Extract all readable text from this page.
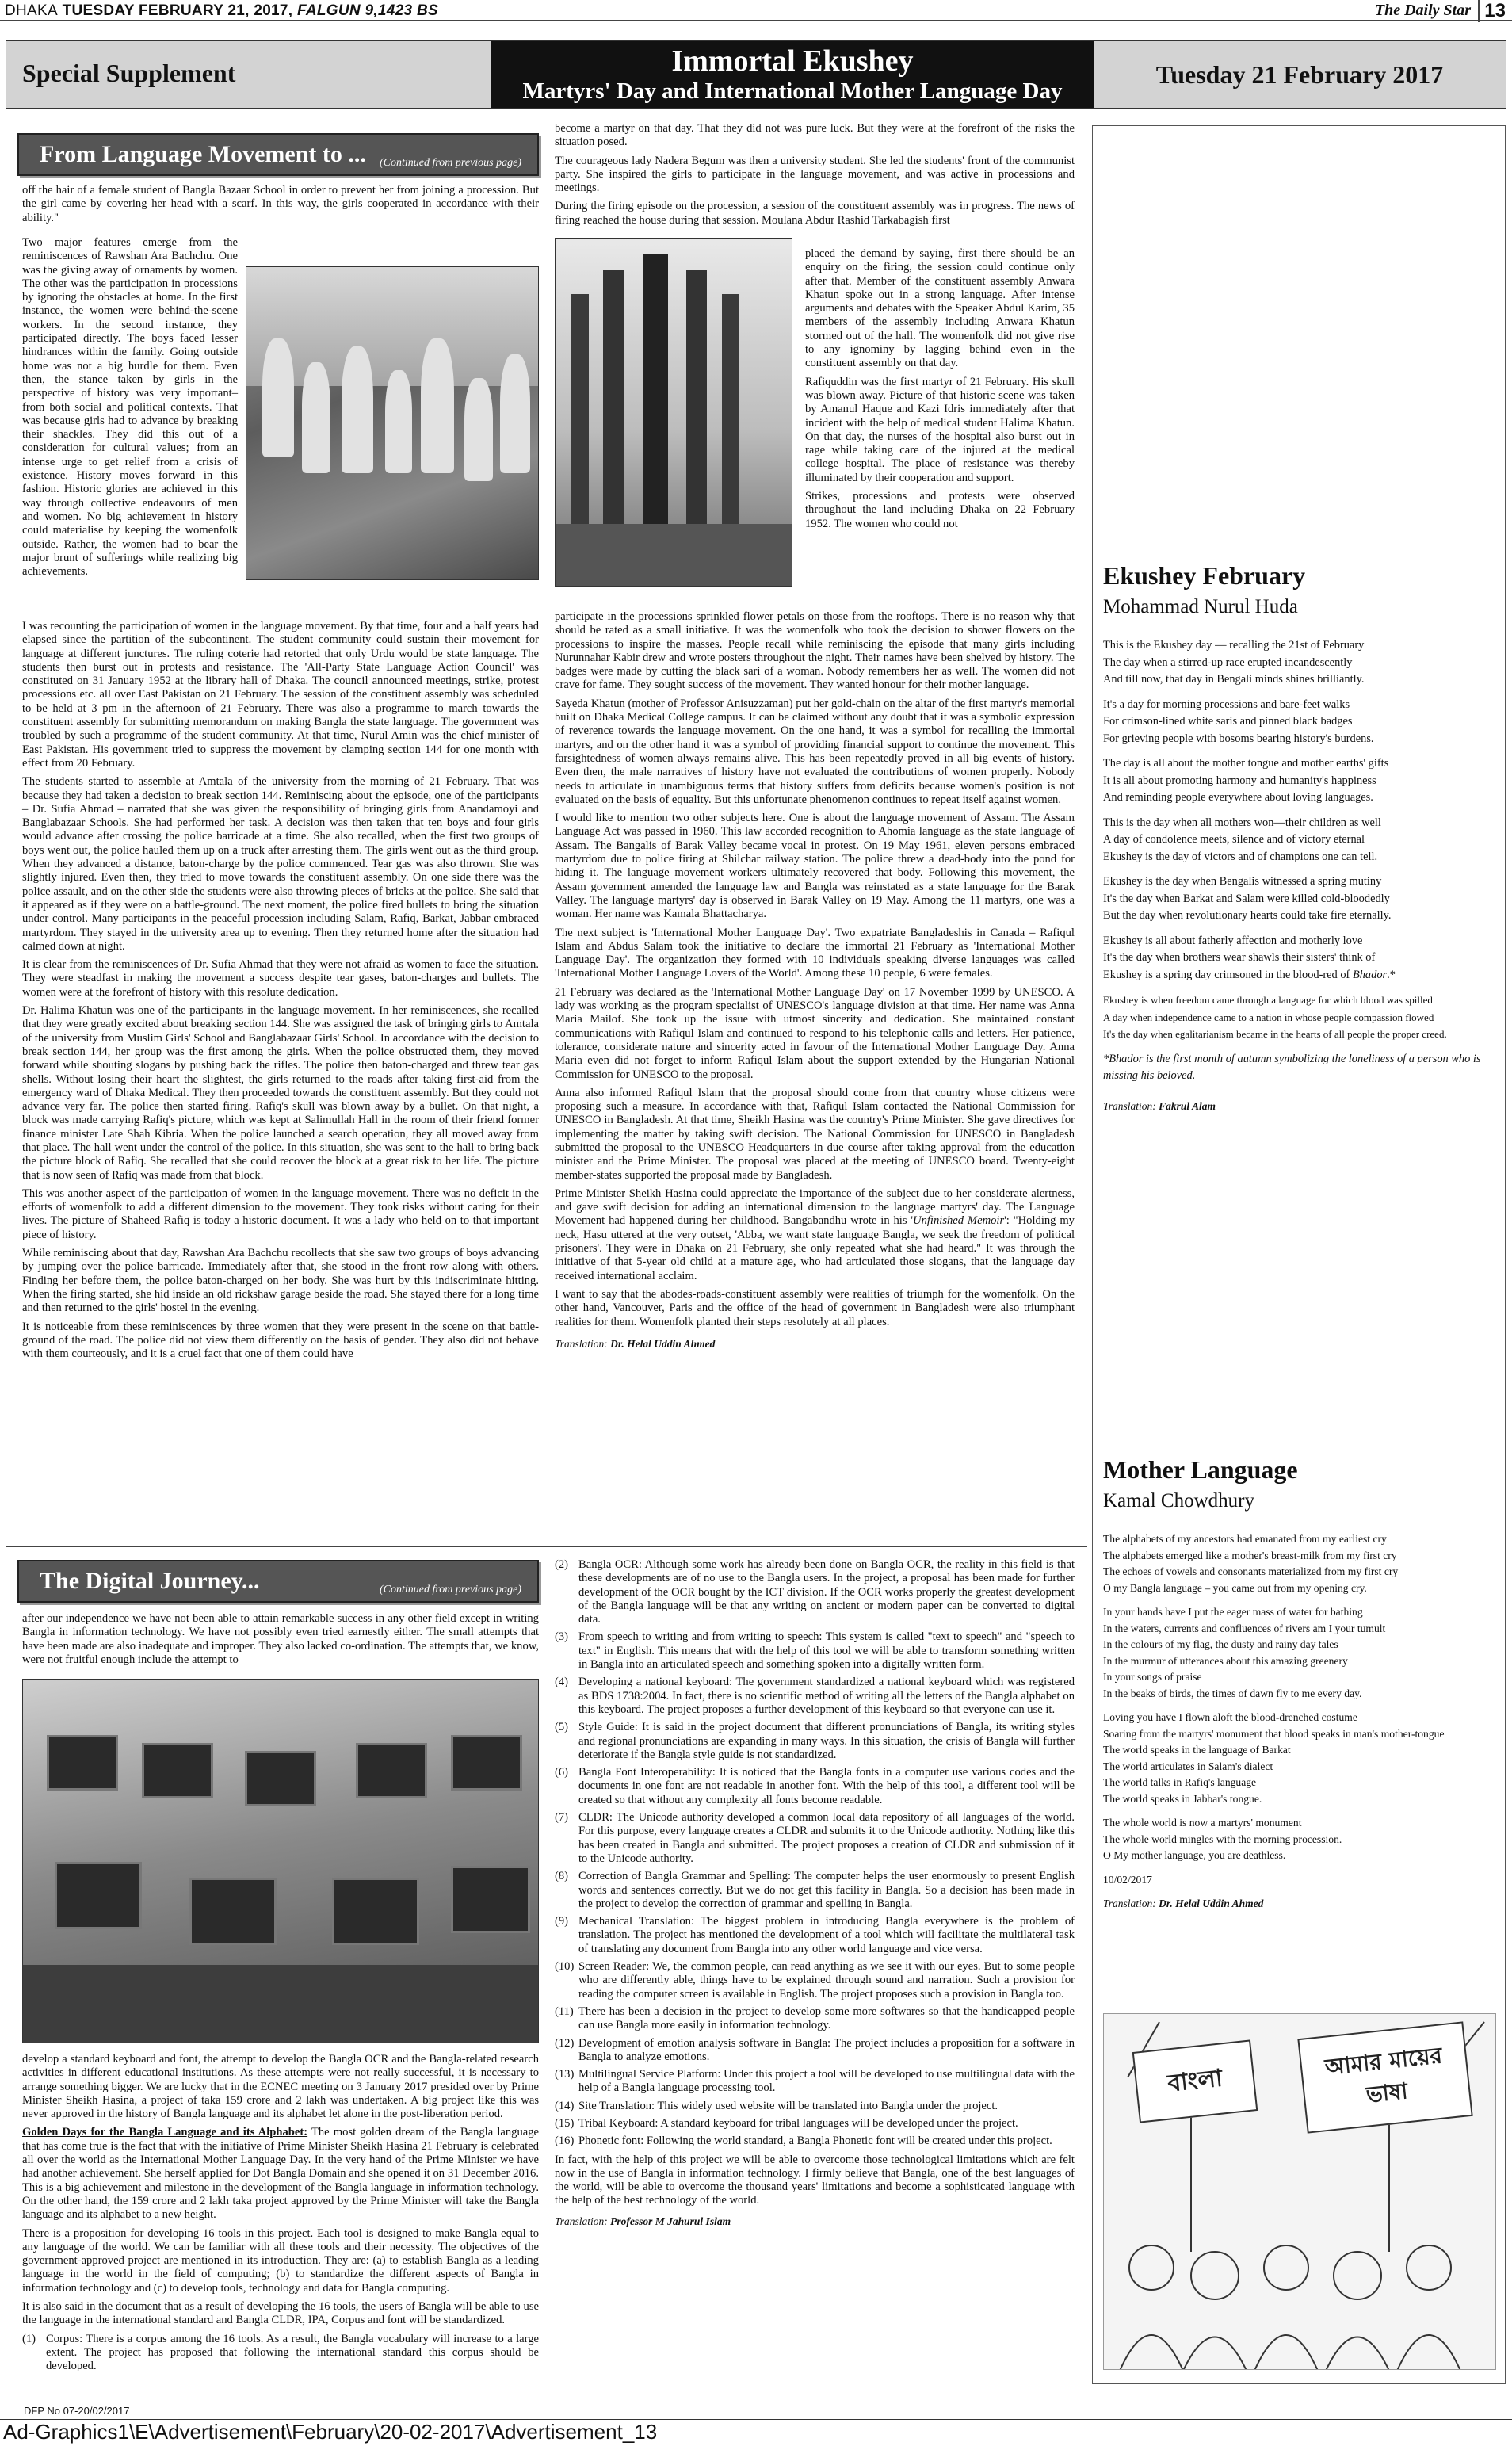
DHAKA TUESDAY FEBRUARY 21, 2017, FALGUN 9,1423 BS	The Daily Star 13
Special Supplement	Immortal Ekushey
Martyrs' Day and International Mother Language Day
Tuesday 21 February 2017
From Language Movement to ... (Continued from previous page)

off the hair of a female student of Bangla Bazaar School in order to prevent her from joining a procession. But the girl came by covering her head with a scarf. In this way, the girls cooperated in accordance with their ability."

Two major features emerge from the reminiscences of Rawshan Ara Bachchu. One was the giving away of ornaments by women. The other was the participation in processions by ignoring the obstacles at home. In the first instance, the women were behind-the-scene workers. In the second instance, they participated directly. The boys faced lesser hindrances within the family. Going outside home was not a big hurdle for them. Even then, the stance taken by girls in the perspective of history was very important–from both social and political contexts. That was because girls had to advance by breaking their shackles. They did this out of a consideration for cultural values; from an intense urge to get relief from a crisis of existence. History moves forward in this fashion. Historic glories are achieved in this way through collective endeavours of men and women. No big achievement in history could materialise by keeping the womenfolk outside. Rather, the women had to bear the major brunt of sufferings while realizing big achievements.

I was recounting the participation of women in the language movement. By that time, four and a half years had elapsed since the partition of the subcontinent. The student community could sustain their movement for language at different junctures. The ruling coterie had retorted that only Urdu would be state language. The students then burst out in protests and resistance. The 'All-Party State Language Action Council' was constituted on 31 January 1952 at the library hall of Dhaka. The council announced meetings, strike, protest processions etc. all over East Pakistan on 21 February. The session of the constituent assembly was scheduled to be held at 3 pm in the afternoon of 21 February. There was also a programme to march towards the constituent assembly for submitting memorandum on making Bangla the state language. The government was troubled by such a programme of the student community. At that time, Nurul Amin was the chief minister of East Pakistan. His government tried to suppress the movement by clamping section 144 for one month with effect from 20 February.

The students started to assemble at Amtala of the university from the morning of 21 February. That was because they had taken a decision to break section 144. Reminiscing about the episode, one of the participants – Dr. Sufia Ahmad – narrated that she was given the responsibility of bringing girls from Anandamoyi and Banglabazaar Schools. She had performed her task. A decision was then taken that ten boys and four girls would advance after crossing the police barricade at a time. She also recalled, when the first two groups of boys went out, the police hauled them up on a truck after arresting them. The girls went out as the third group. When they advanced a distance, baton-charge by the police commenced. Tear gas was also thrown. She was slightly injured. Even then, they tried to move towards the constituent assembly. On one side there was the police assault, and on the other side the students were also throwing pieces of bricks at the police. She said that it appeared as if they were on a battle-ground. The next moment, the police fired bullets to bring the situation under control. Many participants in the peaceful procession including Salam, Rafiq, Barkat, Jabbar embraced martyrdom. They stayed in the university area up to evening. Then they returned home after the situation had calmed down at night.

It is clear from the reminiscences of Dr. Sufia Ahmad that they were not afraid as women to face the situation. They were steadfast in making the movement a success despite tear gases, baton-charges and bullets. The women were at the forefront of history with this resolute dedication.

Dr. Halima Khatun was one of the participants in the language movement. In her reminiscences, she recalled that they were greatly excited about breaking section 144. She was assigned the task of bringing girls to Amtala of the university from Muslim Girls' School and Banglabazaar Girls' School. In accordance with the decision to break section 144, her group was the first among the girls. When the police obstructed them, they moved forward while shouting slogans by pushing back the rifles. The police then baton-charged and threw tear gas shells. Without losing their heart the slightest, the girls returned to the roads after taking first-aid from the emergency ward of Dhaka Medical. They then proceeded towards the constituent assembly. But they could not advance very far. The police then started firing. Rafiq's skull was blown away by a bullet. On that night, a block was made carrying Rafiq's picture, which was kept at Salimullah Hall in the room of their friend former finance minister Late Shah Kibria. When the police launched a search operation, they all moved away from that place. The hall went under the control of the police. In this situation, she was sent to the hall to bring back the picture block of Rafiq. She recalled that she could recover the block at a great risk to her life. The picture that is now seen of Rafiq was made from that block.

This was another aspect of the participation of women in the language movement. There was no deficit in the efforts of womenfolk to add a different dimension to the movement. They took risks without caring for their lives. The picture of Shaheed Rafiq is today a historic document. It was a lady who held on to that important piece of history.

While reminiscing about that day, Rawshan Ara Bachchu recollects that she saw two groups of boys advancing by jumping over the police barricade. Immediately after that, she stood in the front row along with others. Finding her before them, the police baton-charged on her body. She was hurt by this indiscriminate hitting. When the firing started, she hid inside an old rickshaw garage beside the road. She stayed there for a long time and then returned to the girls' hostel in the evening.

It is noticeable from these reminiscences by three women that they were present in the scene on that battle-ground of the road. The police did not view them differently on the basis of gender. They also did not behave with them courteously, and it is a cruel fact that one of them could have

become a martyr on that day. That they did not was pure luck. But they were at the forefront of the risks the situation posed.

The courageous lady Nadera Begum was then a university student. She led the students' front of the communist party. She inspired the girls to participate in the language movement, and was active in processions and meetings.

During the firing episode on the procession, a session of the constituent assembly was in progress. The news of firing reached the house during that session. Moulana Abdur Rashid Tarkabagish first

placed the demand by saying, first there should be an enquiry on the firing, the session could continue only after that. Member of the constituent assembly Anwara Khatun spoke out in a strong language. After intense arguments and debates with the Speaker Abdul Karim, 35 members of the assembly including Anwara Khatun stormed out of the hall. The womenfolk did not give rise to any ignominy by lagging behind even in the constituent assembly on that day.

Rafiquddin was the first martyr of 21 February. His skull was blown away. Picture of that historic scene was taken by Amanul Haque and Kazi Idris immediately after that incident with the help of medical student Halima Khatun. On that day, the nurses of the hospital also burst out in rage while taking care of the injured at the medical college hospital. The place of resistance was thereby illuminated by their cooperation and support.

Strikes, processions and protests were observed throughout the land including Dhaka on 22 February 1952. The women who could not

participate in the processions sprinkled flower petals on those from the rooftops. There is no reason why that should be rated as a small initiative. It was the womenfolk who took the decision to shower flowers on the processions to inspire the masses. People recall while reminiscing the episode that many girls including Nurunnahar Kabir drew and wrote posters throughout the night. Their names have been shelved by history. The badges were made by cutting the black sari of a woman. Nobody remembers her as well. The women did not crave for fame. They sought success of the movement. They wanted honour for their mother language.

Sayeda Khatun (mother of Professor Anisuzzaman) put her gold-chain on the altar of the first martyr's memorial built on Dhaka Medical College campus. It can be claimed without any doubt that it was a symbolic expression of reverence towards the language movement. On the one hand, it was a symbol for recalling the immortal martyrs, and on the other hand it was a symbol of providing financial support to continue the movement. This farsightedness of women always remains alive. This has been repeatedly proved in all big events of history. Even then, the male narratives of history have not evaluated the contributions of women properly. Nobody needs to articulate in unambiguous terms that history suffers from deficits because women's position is not evaluated on the basis of equality. But this unfortunate phenomenon continues to repeat itself against women.

I would like to mention two other subjects here. One is about the language movement of Assam. The Assam Language Act was passed in 1960. This law accorded recognition to Ahomia language as the state language of Assam. The Bangalis of Barak Valley became vocal in protest. On 19 May 1961, eleven persons embraced martyrdom due to police firing at Shilchar railway station. The police threw a dead-body into the pond for hiding it. The language movement workers ultimately recovered that body. Following this movement, the Assam government amended the language law and Bangla was reinstated as a state language for the Barak Valley. The language martyrs' day is observed in Barak Valley on 19 May. Among the 11 martyrs, one was a woman. Her name was Kamala Bhattacharya.

The next subject is 'International Mother Language Day'. Two expatriate Bangladeshis in Canada – Rafiqul Islam and Abdus Salam took the initiative to declare the immortal 21 February as 'International Mother Language Day'. The organization they formed with 10 individuals speaking diverse languages was called 'International Mother Language Lovers of the World'. Among these 10 people, 6 were females.

21 February was declared as the 'International Mother Language Day' on 17 November 1999 by UNESCO. A lady was working as the program specialist of UNESCO's language division at that time. Her name was Anna Maria Mailof. She took up the issue with utmost sincerity and dedication. She maintained constant communications with Rafiqul Islam and continued to respond to his telephonic calls and letters. Her patience, tolerance, considerate nature and sincerity acted in favour of the International Mother Language Day. Anna Maria even did not forget to inform Rafiqul Islam about the support extended by the Hungarian National Commission for UNESCO to the proposal.

Anna also informed Rafiqul Islam that the proposal should come from that country whose citizens were proposing such a measure. In accordance with that, Rafiqul Islam contacted the National Commission for UNESCO in Bangladesh. At that time, Sheikh Hasina was the country's Prime Minister. She gave directives for implementing the matter by taking swift decision. The National Commission for UNESCO in Bangladesh submitted the proposal to the UNESCO Headquarters in due course after taking approval from the education minister and the Prime Minister. The proposal was placed at the meeting of UNESCO board. Twenty-eight member-states supported the proposal made by Bangladesh.

Prime Minister Sheikh Hasina could appreciate the importance of the subject due to her considerate alertness, and gave swift decision for adding an international dimension to the language martyrs' day. The Language Movement had happened during her childhood. Bangabandhu wrote in his 'Unfinished Memoir': "Holding my neck, Hasu uttered at the very outset, 'Abba, we want state language Bangla, we seek the freedom of political prisoners'. They were in Dhaka on 21 February, she only repeated what she had heard." It was through the initiative of that 5-year old child at a mature age, who had articulated those slogans, that the language day received international acclaim.

I want to say that the abodes-roads-constituent assembly were realities of triumph for the womenfolk. On the other hand, Vancouver, Paris and the office of the head of government in Bangladesh were also triumphant realities for them. Womenfolk planted their steps resolutely at all places.

Translation: Dr. Helal Uddin Ahmed

The Digital Journey...	(Continued from previous page)

after our independence we have not been able to attain remarkable success in any other field except in writing Bangla in information technology. We have not possibly even tried earnestly either. The small attempts that have been made are also inadequate and improper. They also lacked co-ordination. The attempts that, we know, were not fruitful enough include the attempt to

develop a standard keyboard and font, the attempt to develop the Bangla OCR and the Bangla-related research activities in different educational institutions. As these attempts were not really successful, it is necessary to arrange something bigger. We are lucky that in the ECNEC meeting on 3 January 2017 presided over by Prime Minister Sheikh Hasina, a project of taka 159 crore and 2 lakh was undertaken. A big project like this was never approved in the history of Bangla language and its alphabet let alone in the post-liberation period.

Golden Days for the Bangla Language and its Alphabet: The most golden dream of the Bangla language that has come true is the fact that with the initiative of Prime Minister Sheikh Hasina 21 February is celebrated all over the world as the International Mother Language Day. In the very hand of the Prime Minister we have had another achievement. She herself applied for Dot Bangla Domain and she opened it on 31 December 2016. This is a big achievement and milestone in the development of the Bangla language in information technology. On the other hand, the 159 crore and 2 lakh taka project approved by the Prime Minister will take the Bangla language and its alphabet to a new height.

There is a proposition for developing 16 tools in this project. Each tool is designed to make Bangla equal to any language of the world. We can be familiar with all these tools and their necessity. The objectives of the government-approved project are mentioned in its introduction. They are: (a) to establish Bangla as a leading language in the world in the field of computing; (b) to standardize the different aspects of Bangla in information technology and (c) to develop tools, technology and data for Bangla computing.

It is also said in the document that as a result of developing the 16 tools, the users of Bangla will be able to use the language in the international standard and Bangla CLDR, IPA, Corpus and font will be standardized.

(1) Corpus: There is a corpus among the 16 tools. As a result, the Bangla vocabulary will increase to a large extent. The project has proposed that following the international standard this corpus should be developed.
(2) Bangla OCR: Although some work has already been done on Bangla OCR, the reality in this field is that these developments are of no use to the Bangla users. In the project, a proposal has been made for further development of the OCR bought by the ICT division. If the OCR works properly the greatest development of the Bangla language will be that any writing on ancient or modern paper can be converted to digital data.
(3) From speech to writing and from writing to speech: This system is called "text to speech" and "speech to text" in English. This means that with the help of this tool we will be able to transform something written in Bangla into an articulated speech and something spoken into a digitally written form.
(4) Developing a national keyboard: The government standardized a national keyboard which was registered as BDS 1738:2004. In fact, there is no scientific method of writing all the letters of the Bangla alphabet on this keyboard. The project proposes a further development of this keyboard so that everyone can use it.
(5) Style Guide: It is said in the project document that different pronunciations of Bangla, its writing styles and regional pronunciations are expanding in many ways. In this situation, the crisis of Bangla will further deteriorate if the Bangla style guide is not standardized.
(6) Bangla Font Interoperability: It is noticed that the Bangla fonts in a computer use various codes and the documents in one font are not readable in another font. With the help of this tool, a different tool will be created so that without any complexity all fonts become readable.
(7) CLDR: The Unicode authority developed a common local data repository of all languages of the world. For this purpose, every language creates a CLDR and submits it to the Unicode authority. Nothing like this has been created in Bangla and submitted. The project proposes a creation of CLDR and submission of it to the Unicode authority.
(8) Correction of Bangla Grammar and Spelling: The computer helps the user enormously to present English words and sentences correctly. But we do not get this facility in Bangla. So a decision has been made in the project to develop the correction of grammar and spelling in Bangla.
(9) Mechanical Translation: The biggest problem in introducing Bangla everywhere is the problem of translation. The project has mentioned the development of a tool which will facilitate the multilateral task of translating any document from Bangla into any other world language and vice versa.
(10) Screen Reader: We, the common people, can read anything as we see it with our eyes. But to some people who are differently able, things have to be explained through sound and narration. Such a provision for reading the computer screen is available in English. The project proposes such a provision in Bangla too.
(11) There has been a decision in the project to develop some more softwares so that the handicapped people can use Bangla more easily in information technology.
(12) Development of emotion analysis software in Bangla: The project includes a proposition for a software in Bangla to analyze emotions.
(13) Multilingual Service Platform: Under this project a tool will be developed to use multilingual data with the help of a Bangla language processing tool.
(14) Site Translation: This widely used website will be translated into Bangla under the project.
(15) Tribal Keyboard: A standard keyboard for tribal languages will be developed under the project.
(16) Phonetic font: Following the world standard, a Bangla Phonetic font will be created under this project.

In fact, with the help of this project we will be able to overcome those technological limitations which are felt now in the use of Bangla in information technology. I firmly believe that Bangla, one of the best languages of the world, will be able to overcome the thousand years' limitations and become a sophisticated language with the help of the best technology of the world.

Translation: Professor M Jahurul Islam

Ekushey February
Mohammad Nurul Huda
This is the Ekushey day — recalling the 21st of February
The day when a stirred-up race erupted incandescently
And till now, that day in Bengali minds shines brilliantly.
It's a day for morning processions and bare-feet walks
For crimson-lined white saris and pinned black badges
For grieving people with bosoms bearing history's burdens.
The day is all about the mother tongue and mother earths' gifts
It is all about promoting harmony and humanity's happiness
And reminding people everywhere about loving languages.
This is the day when all mothers won—their children as well
A day of condolence meets, silence and of victory eternal
Ekushey is the day of victors and of champions one can tell.
Ekushey is the day when Bengalis witnessed a spring mutiny
It's the day when Barkat and Salam were killed cold-bloodedly
But the day when revolutionary hearts could take fire eternally.
Ekushey is all about fatherly affection and motherly love
It's the day when brothers wear shawls their sisters' think of
Ekushey is a spring day crimsoned in the blood-red of Bhador.*
Ekushey is when freedom came through a language for which blood was spilled
A day when independence came to a nation in whose people compassion flowed
It's the day when egalitarianism became in the hearts of all people the proper creed.
*Bhador is the first month of autumn symbolizing the loneliness of a person who is missing his beloved.
Translation: Fakrul Alam
Mother Language
Kamal Chowdhury
The alphabets of my ancestors had emanated from my earliest cry
The alphabets emerged like a mother's breast-milk from my first cry
The echoes of vowels and consonants materialized from my first cry
O my Bangla language – you came out from my opening cry.
In your hands have I put the eager mass of water for bathing
In the waters, currents and confluences of rivers am I your tumult
In the colours of my flag, the dusty and rainy day tales
In the murmur of utterances about this amazing greenery
In your songs of praise
In the beaks of birds, the times of dawn fly to me every day.
Loving you have I flown aloft the blood-drenched costume
Soaring from the martyrs' monument that blood speaks in man's mother-tongue
The world speaks in the language of Barkat
The world articulates in Salam's dialect
The world talks in Rafiq's language
The world speaks in Jabbar's tongue.
The whole world is now a martyrs' monument
The whole world mingles with the morning procession.
O My mother language, you are deathless.
10/02/2017
Translation: Dr. Helal Uddin Ahmed
বাংলা
আমার মায়ের ভাষা
DFP No 07-20/02/2017
Ad-Graphics1\E\Advertisement\February\20-02-2017\Advertisement_13
